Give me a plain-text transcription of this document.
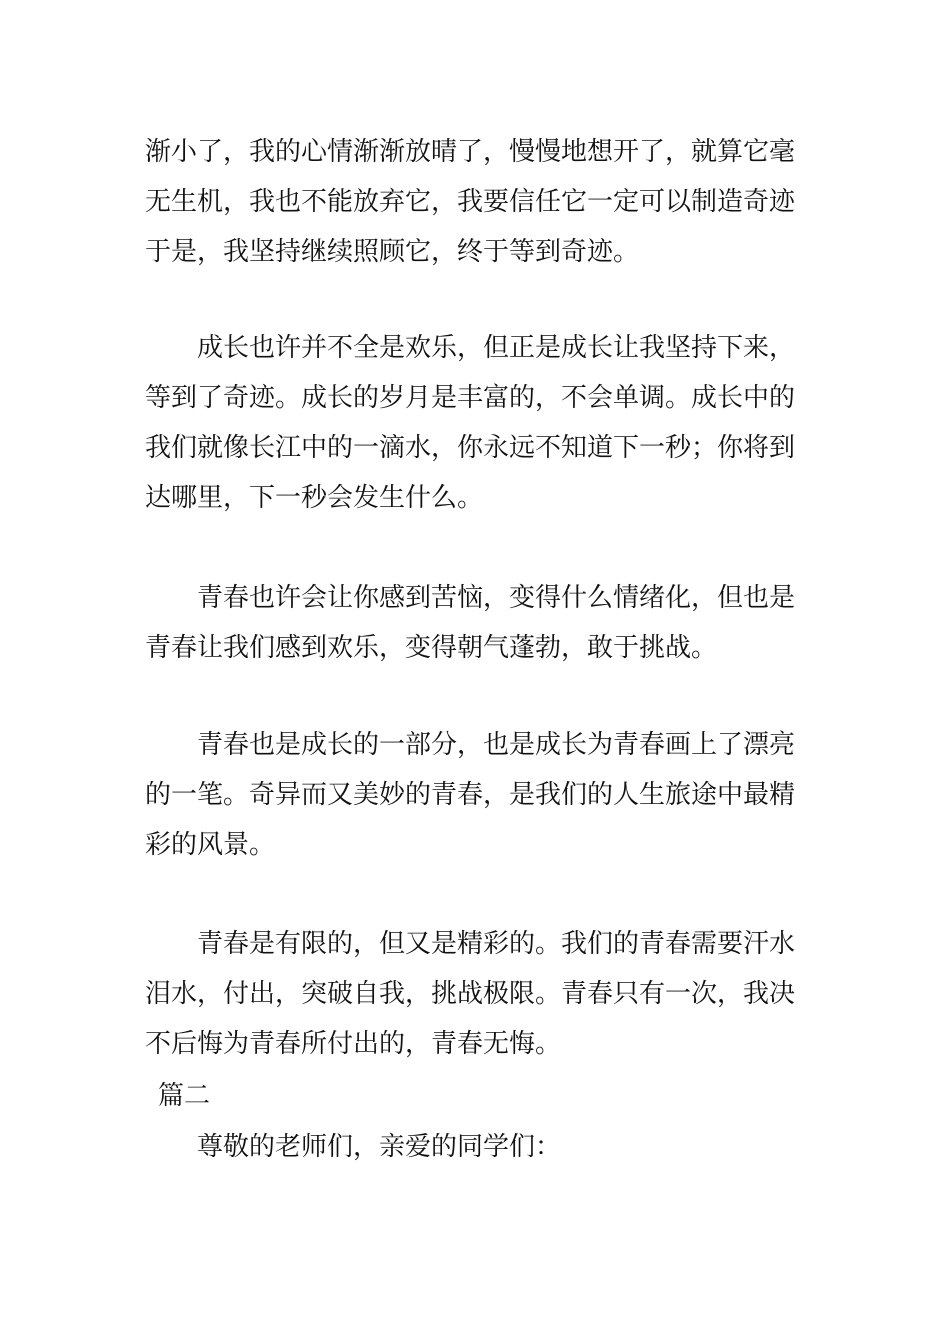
渐小了，我的心情渐渐放晴了，慢慢地想开了，就算它毫
无生机，我也不能放弃它，我要信任它一定可以制造奇迹
于是，我坚持继续照顾它，终于等到奇迹。
成长也许并不全是欢乐，但正是成长让我坚持下来，
等到了奇迹。成长的岁月是丰富的，不会单调。成长中的
我们就像长江中的一滴水，你永远不知道下一秒；你将到
达哪里，下一秒会发生什么。
青春也许会让你感到苦恼，变得什么情绪化，但也是
青春让我们感到欢乐，变得朝气蓬勃，敢于挑战。
青春也是成长的一部分，也是成长为青春画上了漂亮
的一笔。奇异而又美妙的青春，是我们的人生旅途中最精
彩的风景。
青春是有限的，但又是精彩的。我们的青春需要汗水
泪水，付出，突破自我，挑战极限。青春只有一次，我决
不后悔为青春所付出的，青春无悔。
篇二
尊敬的老师们，亲爱的同学们：
